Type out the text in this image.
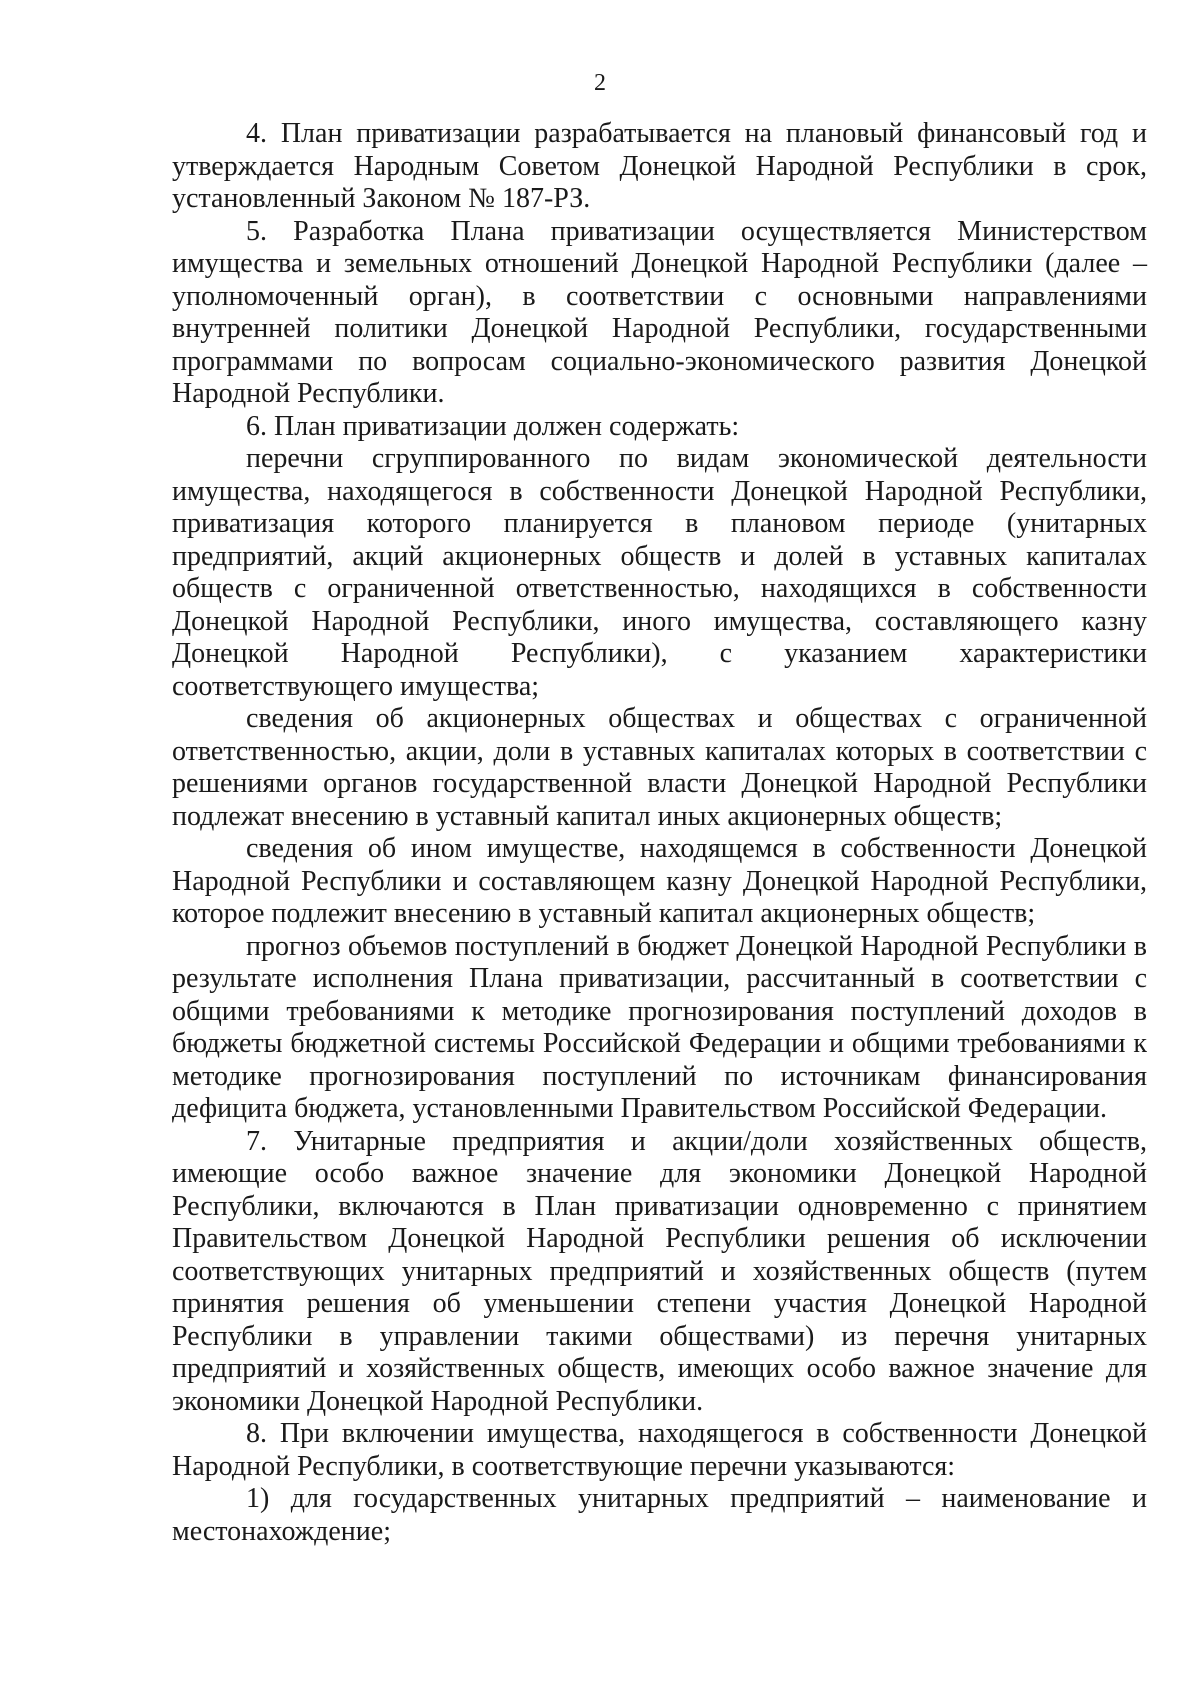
2

4. План приватизации разрабатывается на плановый финансовый год и утверждается Народным Советом Донецкой Народной Республики в срок, установленный Законом № 187-РЗ.

5. Разработка Плана приватизации осуществляется Министерством имущества и земельных отношений Донецкой Народной Республики (далее – уполномоченный орган), в соответствии с основными направлениями внутренней политики Донецкой Народной Республики, государственными программами по вопросам социально-экономического развития Донецкой Народной Республики.

6. План приватизации должен содержать:

перечни сгруппированного по видам экономической деятельности имущества, находящегося в собственности Донецкой Народной Республики, приватизация которого планируется в плановом периоде (унитарных предприятий, акций акционерных обществ и долей в уставных капиталах обществ с ограниченной ответственностью, находящихся в собственности Донецкой Народной Республики, иного имущества, составляющего казну Донецкой Народной Республики), с указанием характеристики соответствующего имущества;

сведения об акционерных обществах и обществах с ограниченной ответственностью, акции, доли в уставных капиталах которых в соответствии с решениями органов государственной власти Донецкой Народной Республики подлежат внесению в уставный капитал иных акционерных обществ;

сведения об ином имуществе, находящемся в собственности Донецкой Народной Республики и составляющем казну Донецкой Народной Республики, которое подлежит внесению в уставный капитал акционерных обществ;

прогноз объемов поступлений в бюджет Донецкой Народной Республики в результате исполнения Плана приватизации, рассчитанный в соответствии с общими требованиями к методике прогнозирования поступлений доходов в бюджеты бюджетной системы Российской Федерации и общими требованиями к методике прогнозирования поступлений по источникам финансирования дефицита бюджета, установленными Правительством Российской Федерации.

7. Унитарные предприятия и акции/доли хозяйственных обществ, имеющие особо важное значение для экономики Донецкой Народной Республики, включаются в План приватизации одновременно с принятием Правительством Донецкой Народной Республики решения об исключении соответствующих унитарных предприятий и хозяйственных обществ (путем принятия решения об уменьшении степени участия Донецкой Народной Республики в управлении такими обществами) из перечня унитарных предприятий и хозяйственных обществ, имеющих особо важное значение для экономики Донецкой Народной Республики.

8. При включении имущества, находящегося в собственности Донецкой Народной Республики, в соответствующие перечни указываются:

1) для государственных унитарных предприятий – наименование и местонахождение;
